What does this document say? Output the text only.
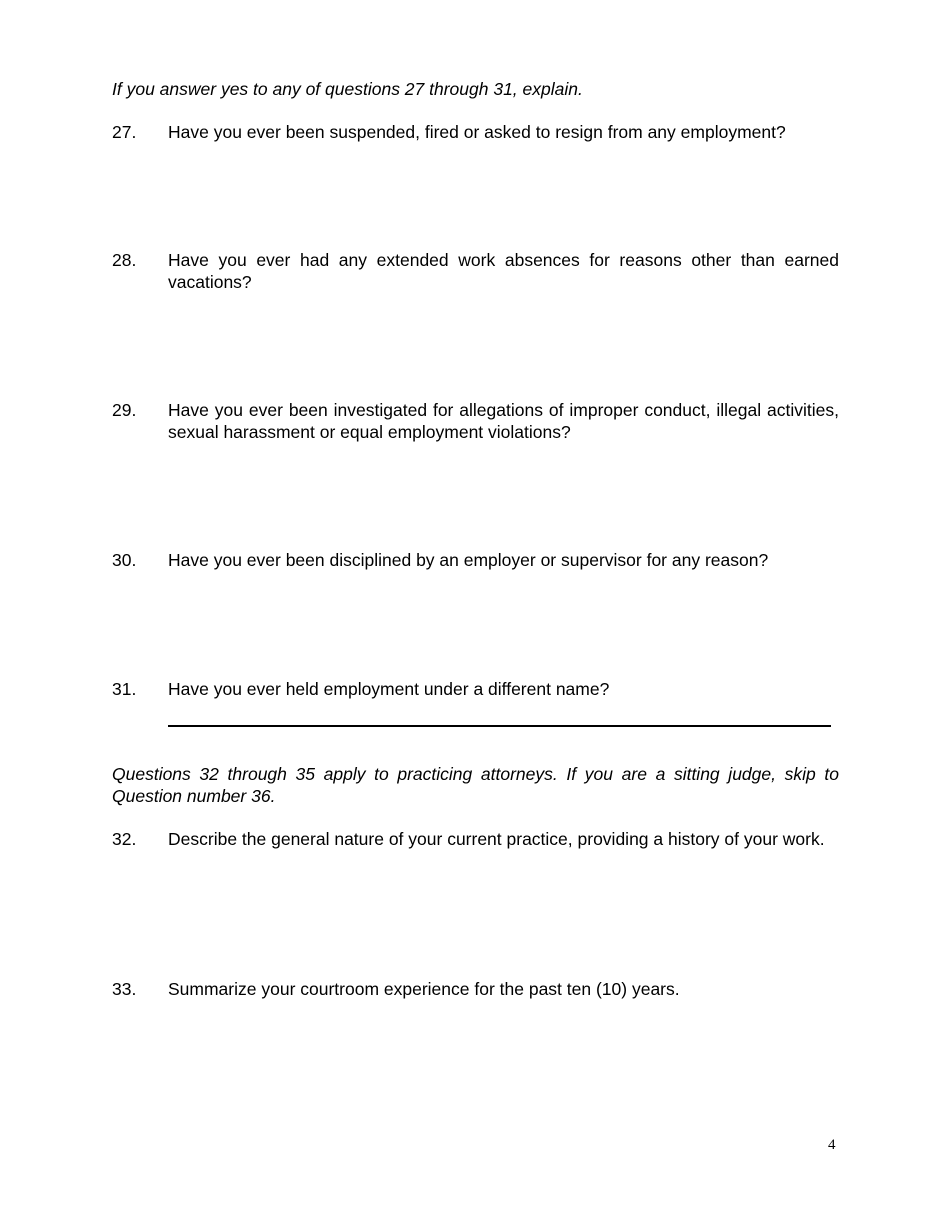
If you answer yes to any of questions 27 through 31, explain.

27. Have you ever been suspended, fired or asked to resign from any employment?
28. Have you ever had any extended work absences for reasons other than earned vacations?
29. Have you ever been investigated for allegations of improper conduct, illegal activities, sexual harassment or equal employment violations?
30. Have you ever been disciplined by an employer or supervisor for any reason?
31. Have you ever held employment under a different name?

Questions 32 through 35 apply to practicing attorneys. If you are a sitting judge, skip to Question number 36.

32. Describe the general nature of your current practice, providing a history of your work.
33. Summarize your courtroom experience for the past ten (10) years.
4
